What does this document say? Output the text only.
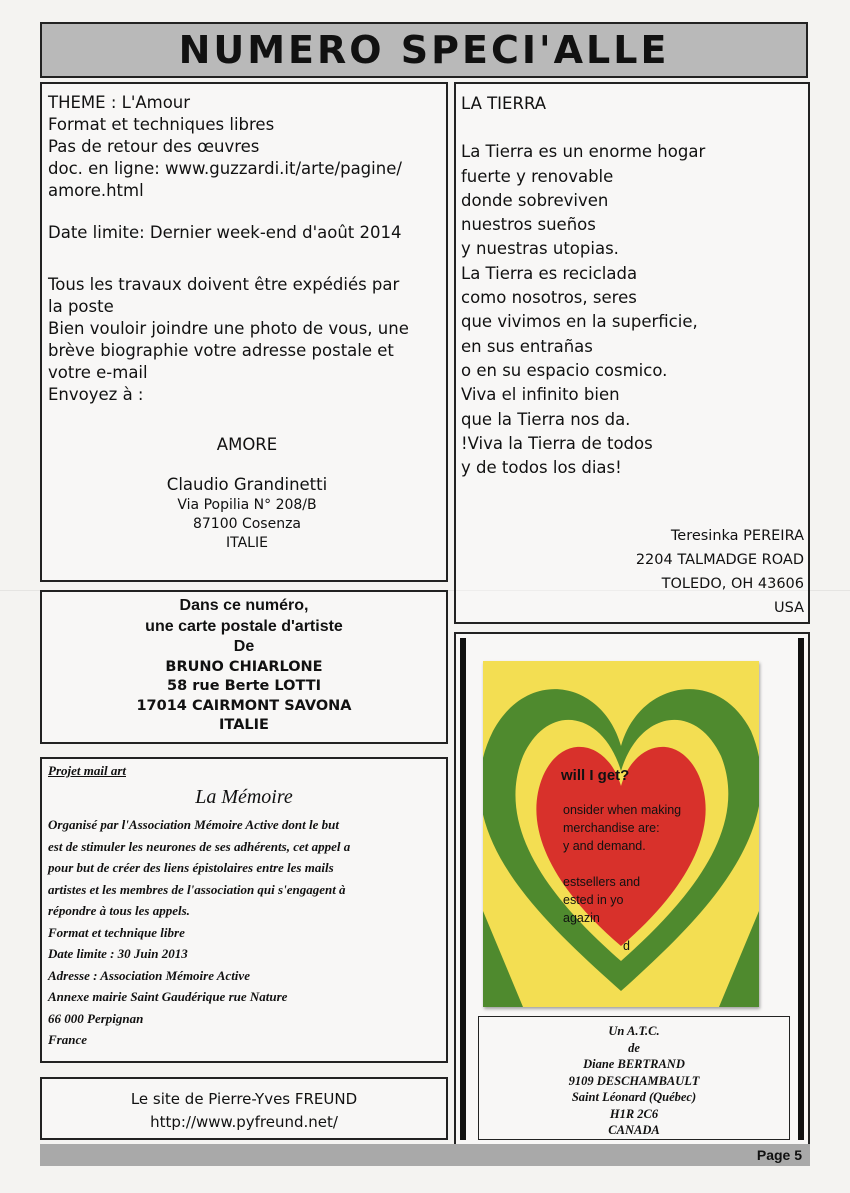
NUMERO SPECI'ALLE

THEME : L'Amour

Format et techniques libres

Pas de retour des œuvres

doc. en ligne: www.guzzardi.it/arte/pagine/

amore.html

Date limite: Dernier week-end d'août 2014

Tous les travaux doivent être expédiés par

la poste

Bien vouloir joindre une photo de vous, une

brève biographie votre adresse postale et

votre e-mail

Envoyez à :

AMORE

Claudio Grandinetti

Via Popilia N° 208/B

87100 Cosenza

ITALIE

LA TIERRA

La Tierra es un enorme hogar

fuerte y renovable

donde sobreviven

nuestros sueños

y nuestras utopias.

La Tierra es reciclada

como nosotros, seres

que vivimos en la superficie,

en sus entrañas

o en su espacio cosmico.

Viva el infinito bien

que la Tierra nos da.

!Viva la Tierra de todos

y de todos los dias!

Teresinka PEREIRA
2204 TALMADGE ROAD
TOLEDO, OH 43606
USA
Dans ce numéro,
une carte postale d'artiste
De
BRUNO CHIARLONE
58 rue Berte LOTTI
17014 CAIRMONT SAVONA
ITALIE
Projet mail art
La Mémoire
Organisé par l'Association Mémoire Active dont le but
est de stimuler les neurones de ses adhérents, cet appel a
pour but de créer des liens épistolaires entre les mails
artistes et les membres de l'association qui s'engagent à
répondre à tous les appels.
Format et technique libre
Date limite : 30 Juin 2013
Adresse : Association Mémoire Active
Annexe mairie Saint Gaudérique rue Nature
66 000 Perpignan
France
Le site de Pierre-Yves FREUND
http://www.pyfreund.net/
will I get?
onsider when making
merchandise are:
y and demand.
estsellers and
ested in yo
agazin
d
Un A.T.C.
de
Diane BERTRAND
9109 DESCHAMBAULT
Saint Léonard (Québec)
H1R 2C6
CANADA
Page 5
